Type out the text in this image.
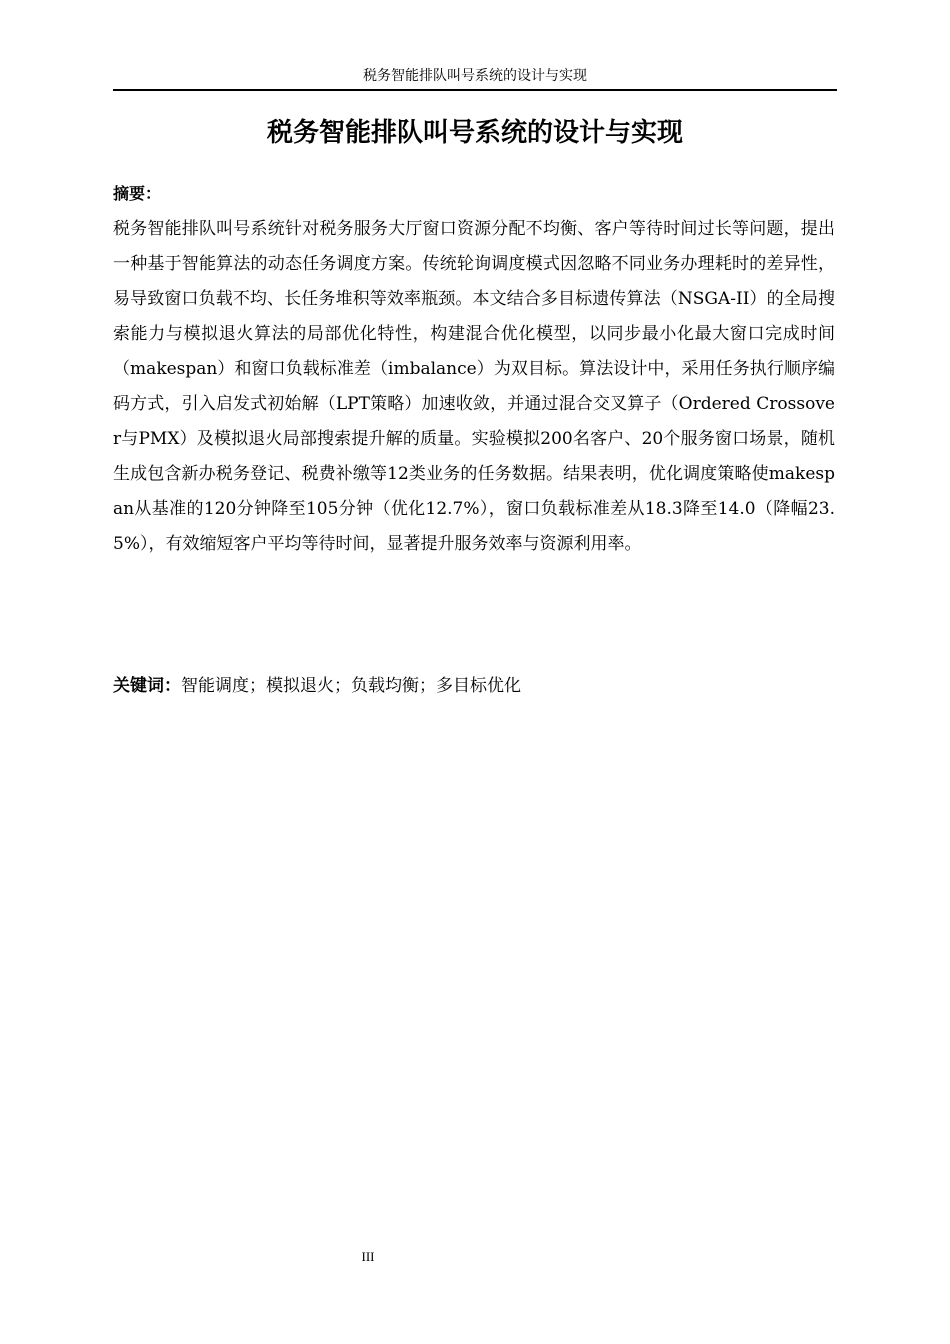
税务智能排队叫号系统的设计与实现
税务智能排队叫号系统的设计与实现
摘要：

税务智能排队叫号系统针对税务服务大厅窗口资源分配不均衡、客户等待时间过长等问题，提出一种基于智能算法的动态任务调度方案。传统轮询调度模式因忽略不同业务办理耗时的差异性，易导致窗口负载不均、长任务堆积等效率瓶颈。本文结合多目标遗传算法（NSGA-II）的全局搜索能力与模拟退火算法的局部优化特性，构建混合优化模型，以同步最小化最大窗口完成时间（makespan）和窗口负载标准差（imbalance）为双目标。算法设计中，采用任务执行顺序编码方式，引入启发式初始解（LPT策略）加速收敛，并通过混合交叉算子（Ordered Crossover与PMX）及模拟退火局部搜索提升解的质量。实验模拟200名客户、20个服务窗口场景，随机生成包含新办税务登记、税费补缴等12类业务的任务数据。结果表明，优化调度策略使makespan从基准的120分钟降至105分钟（优化12.7%），窗口负载标准差从18.3降至14.0（降幅23.5%），有效缩短客户平均等待时间，显著提升服务效率与资源利用率。

关键词：智能调度；模拟退火；负载均衡；多目标优化
III
